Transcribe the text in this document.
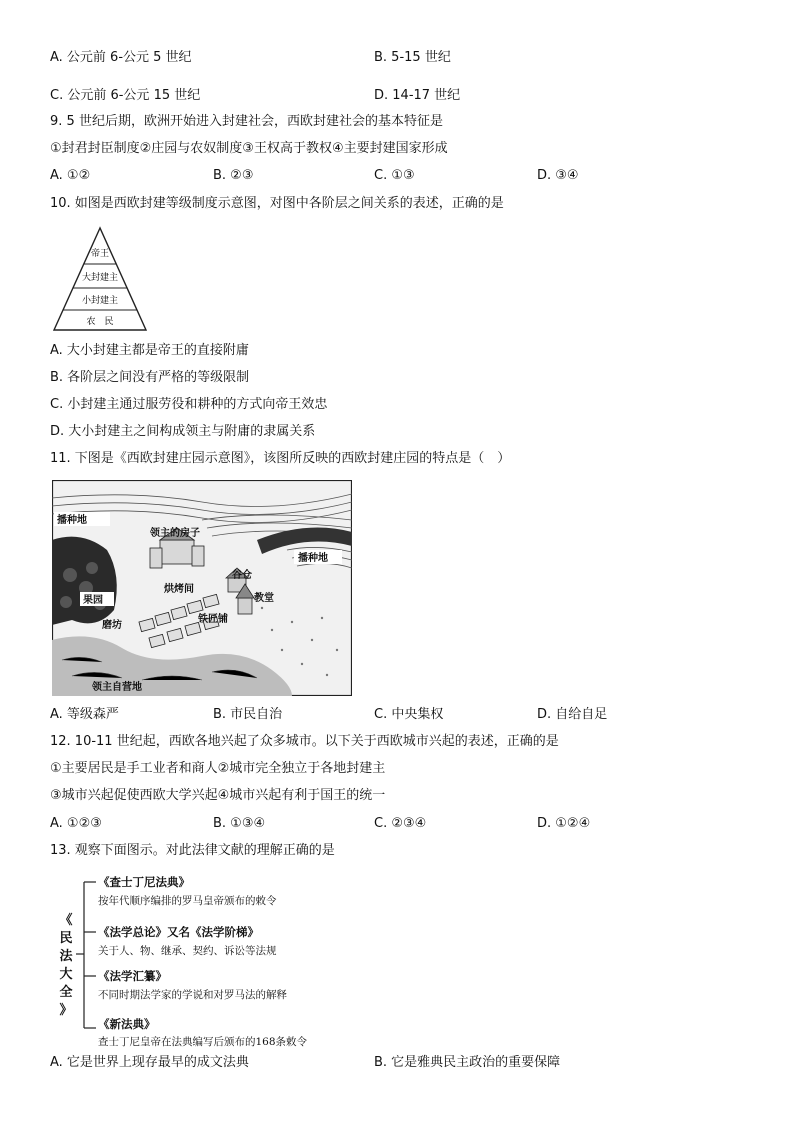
A. 公元前 6-公元 5 世纪	B. 5-15 世纪
C. 公元前 6-公元 15 世纪	D. 14-17 世纪
9. 5 世纪后期，欧洲开始进入封建社会，西欧封建社会的基本特征是
①封君封臣制度②庄园与农奴制度③王权高于教权④主要封建国家形成
A. ①②	B. ②③	C. ①③	D. ③④
10. 如图是西欧封建等级制度示意图，对图中各阶层之间关系的表述，正确的是
帝王
大封建主
小封建主
农　民
A. 大小封建主都是帝王的直接附庸
B. 各阶层之间没有严格的等级限制
C. 小封建主通过服劳役和耕种的方式向帝王效忠
D. 大小封建主之间构成领主与附庸的隶属关系
11. 下图是《西欧封建庄园示意图》，该图所反映的西欧封建庄园的特点是（　）
播种地
领主的房子
播种地
谷仓
果园
烘烤间
教堂
磨坊
铁匠铺
领主自营地
A. 等级森严	B. 市民自治	C. 中央集权	D. 自给自足
12. 10-11 世纪起，西欧各地兴起了众多城市。以下关于西欧城市兴起的表述，正确的是
①主要居民是手工业者和商人②城市完全独立于各地封建主
③城市兴起促使西欧大学兴起④城市兴起有利于国王的统一
A. ①②③	B. ①③④	C. ②③④	D. ①②④
13. 观察下面图示。对此法律文献的理解正确的是
《
民
法
大
全
》
《查士丁尼法典》
按年代顺序编排的罗马皇帝颁布的敕令
《法学总论》又名《法学阶梯》
关于人、物、继承、契约、诉讼等法规
《法学汇纂》
不同时期法学家的学说和对罗马法的解释
《新法典》
查士丁尼皇帝在法典编写后颁布的168条敕令
A. 它是世界上现存最早的成文法典	B. 它是雅典民主政治的重要保障
